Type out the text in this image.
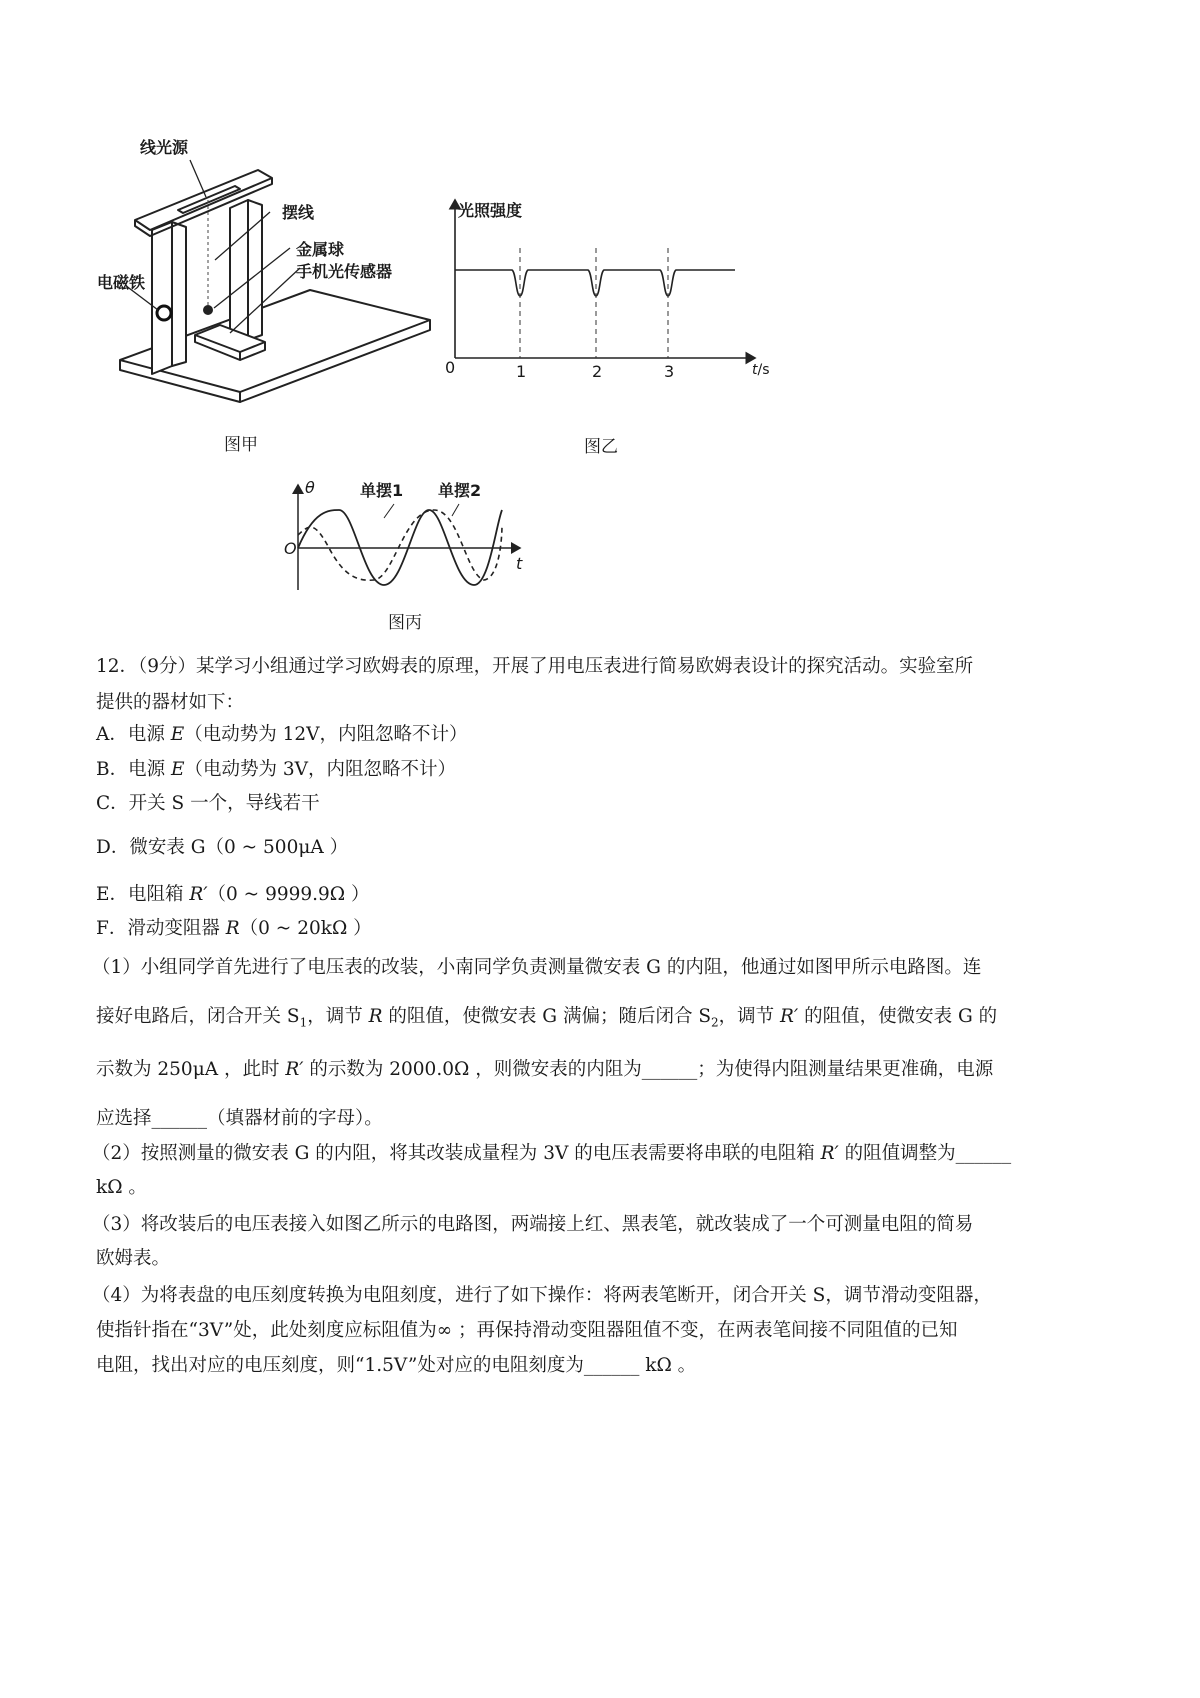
线光源
摆线
金属球
手机光传感器
电磁铁
图甲
光照强度
0	1	2	3	t/s
图乙
θ
O
t
单摆1 单摆2
图丙
12．（9分）某学习小组通过学习欧姆表的原理，开展了用电压表进行简易欧姆表设计的探究活动。实验室所
提供的器材如下：
A．电源 E（电动势为 12V，内阻忽略不计）
B．电源 E（电动势为 3V，内阻忽略不计）
C．开关 S 一个，导线若干
D．微安表 G（0 ~ 500μA ）
E．电阻箱 R′（0 ~ 9999.9Ω ）
F．滑动变阻器 R（0 ~ 20kΩ ）
（1）小组同学首先进行了电压表的改装，小南同学负责测量微安表 G 的内阻，他通过如图甲所示电路图。连
接好电路后，闭合开关 $S_1$，调节 R 的阻值，使微安表 G 满偏；随后闭合 $S_2$，调节 R′ 的阻值，使微安表 G 的
示数为 250μA ，此时 R′ 的示数为 2000.0Ω ，则微安表的内阻为______；为使得内阻测量结果更准确，电源
应选择______（填器材前的字母）。
（2）按照测量的微安表 G 的内阻，将其改装成量程为 3V 的电压表需要将串联的电阻箱 R′ 的阻值调整为______
kΩ 。
（3）将改装后的电压表接入如图乙所示的电路图，两端接上红、黑表笔，就改装成了一个可测量电阻的简易
欧姆表。
（4）为将表盘的电压刻度转换为电阻刻度，进行了如下操作：将两表笔断开，闭合开关 S，调节滑动变阻器，
使指针指在“3V”处，此处刻度应标阻值为∞ ；再保持滑动变阻器阻值不变，在两表笔间接不同阻值的已知
电阻，找出对应的电压刻度，则“1.5V”处对应的电阻刻度为______ kΩ 。
